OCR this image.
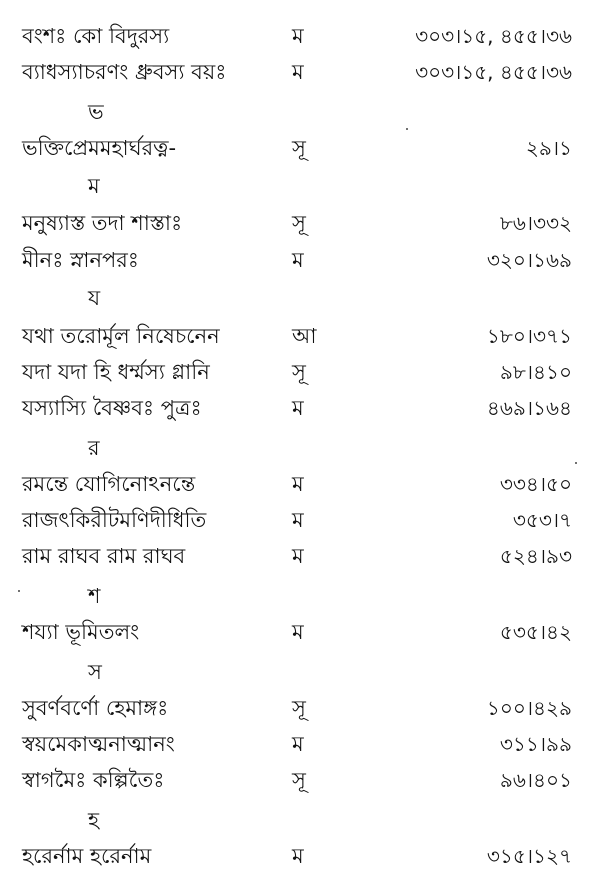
বংশঃ কো বিদুরস্য	ম	৩০৩।১৫, ৪৫৫।৩৬
ব্যাধস্যাচরণং ধ্রুবস্য বয়ঃ	ম	৩০৩।১৫, ৪৫৫।৩৬
ভ
ভক্তিপ্রেমমহার্ঘরত্ন-	সূ	২৯।১
ম
মনুষ্যাস্ত তদা শাস্তাঃ	সূ	৮৬।৩৩২
মীনঃ স্নানপরঃ	ম	৩২০।১৬৯
য
যথা তরোর্মূল নিষেচনেন	আ	১৮০।৩৭১
যদা যদা হি ধর্ম্মস্য গ্লানি	সূ	৯৮।৪১০
যস্যাস্যি বৈষ্ণবঃ পুত্রঃ	ম	৪৬৯।১৬৪
র
রমন্তে যোগিনোঽনন্তে	ম	৩৩৪।৫০
রাজৎকিরীটমণিদীধিতি	ম	৩৫৩।৭
রাম রাঘব রাম রাঘব	ম	৫২৪।৯৩
শ
শয্যা ভূমিতলং	ম	৫৩৫।৪২
স
সুবর্ণবর্ণো হেমাঙ্গঃ	সূ	১০০।৪২৯
স্বয়মেকাত্মনাত্মানং	ম	৩১১।৯৯
স্বাগমৈঃ কল্পিতৈঃ	সূ	৯৬।৪০১
হ
হরের্নাম হরের্নাম	ম	৩১৫।১২৭
